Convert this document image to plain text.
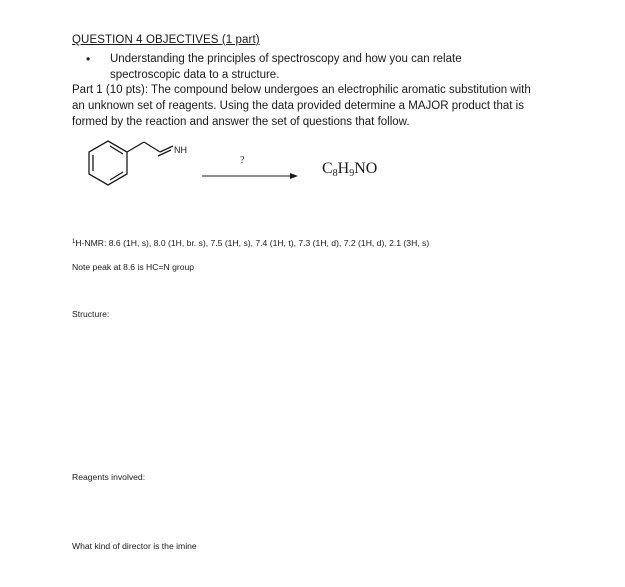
QUESTION 4 OBJECTIVES (1 part)
• Understanding the principles of spectroscopy and how you can relate
spectroscopic data to a structure.
Part 1 (10 pts): The compound below undergoes an electrophilic aromatic substitution with
an unknown set of reagents. Using the data provided determine a MAJOR product that is
formed by the reaction and answer the set of questions that follow.
NH
?	C8H9NO
$^1$H-NMR: 8.6 (1H, s), 8.0 (1H, br. s), 7.5 (1H, s), 7.4 (1H, t), 7.3 (1H, d), 7.2 (1H, d), 2.1 (3H, s)
Note peak at 8.6 is HC=N group
Structure:
Reagents involved:
What kind of director is the imine
